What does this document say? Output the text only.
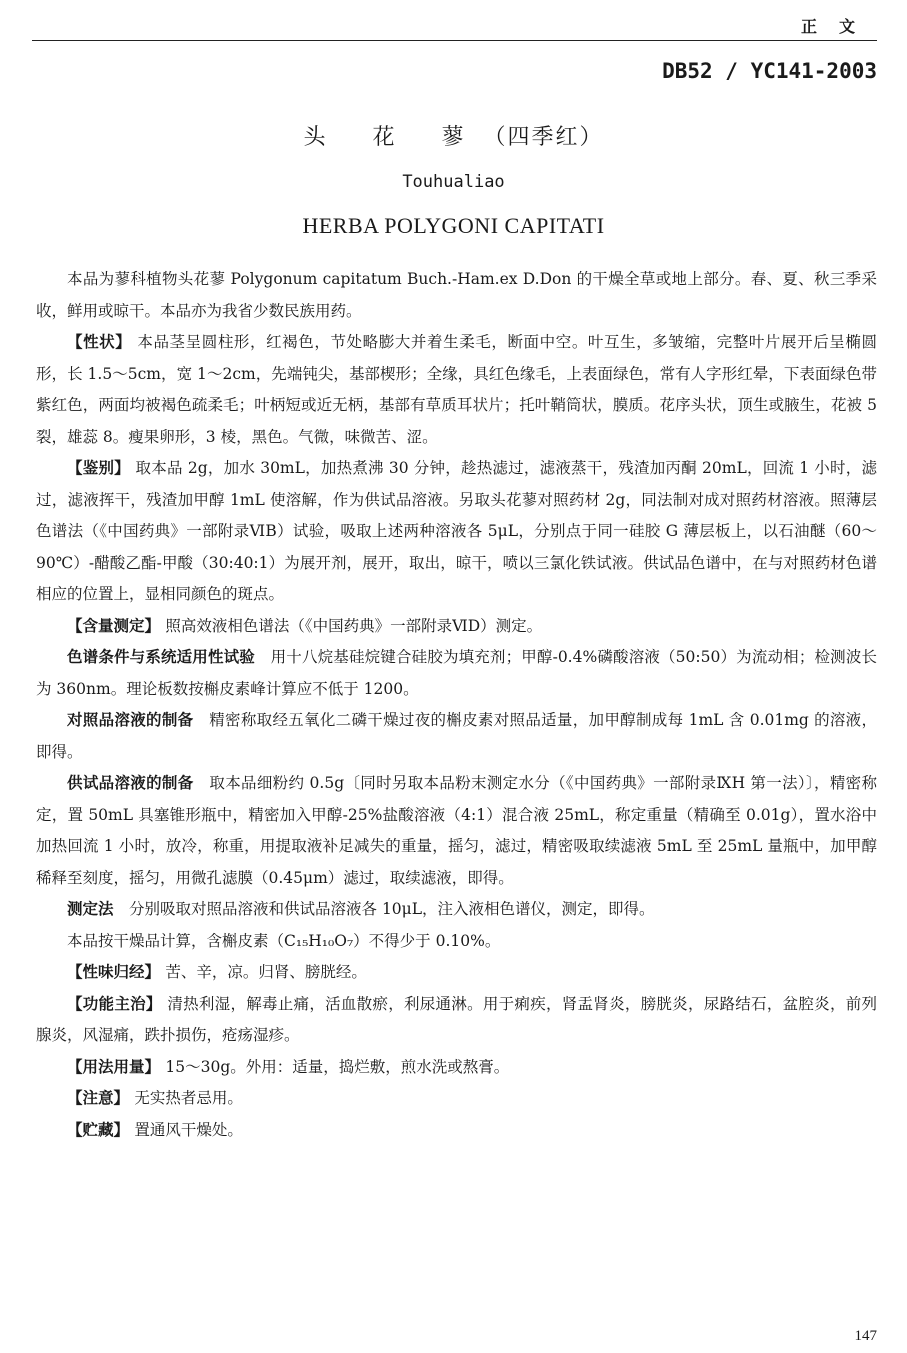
正文
DB52 / YC141-2003
头 花 蓼（四季红）
Touhualiao
HERBA POLYGONI CAPITATI

本品为蓼科植物头花蓼 Polygonum capitatum Buch.-Ham.ex D.Don 的干燥全草或地上部分。春、夏、秋三季采收，鲜用或晾干。本品亦为我省少数民族用药。

【性状】 本品茎呈圆柱形，红褐色，节处略膨大并着生柔毛，断面中空。叶互生，多皱缩，完整叶片展开后呈椭圆形，长 1.5～5cm，宽 1～2cm，先端钝尖，基部楔形；全缘，具红色缘毛，上表面绿色，常有人字形红晕，下表面绿色带紫红色，两面均被褐色疏柔毛；叶柄短或近无柄，基部有草质耳状片；托叶鞘筒状，膜质。花序头状，顶生或腋生，花被 5 裂，雄蕊 8。瘦果卵形，3 棱，黑色。气微，味微苦、涩。

【鉴别】 取本品 2g，加水 30mL，加热煮沸 30 分钟，趁热滤过，滤液蒸干，残渣加丙酮 20mL，回流 1 小时，滤过，滤液挥干，残渣加甲醇 1mL 使溶解，作为供试品溶液。另取头花蓼对照药材 2g，同法制对成对照药材溶液。照薄层色谱法（《中国药典》一部附录ⅥB）试验，吸取上述两种溶液各 5μL，分别点于同一硅胶 G 薄层板上，以石油醚（60～90℃）-醋酸乙酯-甲酸（30:40:1）为展开剂，展开，取出，晾干，喷以三氯化铁试液。供试品色谱中，在与对照药材色谱相应的位置上，显相同颜色的斑点。

【含量测定】 照高效液相色谱法（《中国药典》一部附录ⅥD）测定。

色谱条件与系统适用性试验　用十八烷基硅烷键合硅胶为填充剂；甲醇-0.4%磷酸溶液（50:50）为流动相；检测波长为 360nm。理论板数按槲皮素峰计算应不低于 1200。

对照品溶液的制备　精密称取经五氧化二磷干燥过夜的槲皮素对照品适量，加甲醇制成每 1mL 含 0.01mg 的溶液，即得。

供试品溶液的制备　取本品细粉约 0.5g〔同时另取本品粉末测定水分（《中国药典》一部附录ⅨH 第一法）〕，精密称定，置 50mL 具塞锥形瓶中，精密加入甲醇-25%盐酸溶液（4:1）混合液 25mL，称定重量（精确至 0.01g），置水浴中加热回流 1 小时，放冷，称重，用提取液补足减失的重量，摇匀，滤过，精密吸取续滤液 5mL 至 25mL 量瓶中，加甲醇稀释至刻度，摇匀，用微孔滤膜（0.45μm）滤过，取续滤液，即得。

测定法　分别吸取对照品溶液和供试品溶液各 10μL，注入液相色谱仪，测定，即得。

本品按干燥品计算，含槲皮素（C₁₅H₁₀O₇）不得少于 0.10%。

【性味归经】 苦、辛，凉。归肾、膀胱经。

【功能主治】 清热利湿，解毒止痛，活血散瘀，利尿通淋。用于痢疾，肾盂肾炎，膀胱炎，尿路结石，盆腔炎，前列腺炎，风湿痛，跌扑损伤，疮疡湿疹。

【用法用量】 15～30g。外用：适量，捣烂敷，煎水洗或熬膏。

【注意】 无实热者忌用。

【贮藏】 置通风干燥处。

147
